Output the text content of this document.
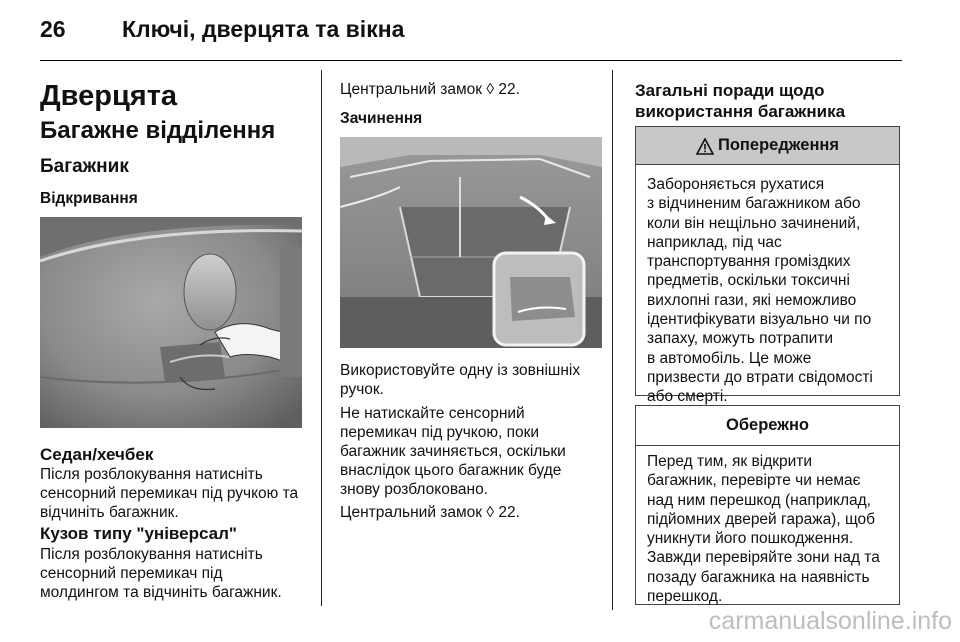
26 Ключі, дверцята та вікна
Дверцята
Багажне відділення
Багажник
Відкривання
Седан/хечбек
Після розблокування натисніть
сенсорний перемикач під ручкою та
відчиніть багажник.
Кузов типу "універсал"
Після розблокування натисніть
сенсорний перемикач під
молдингом та відчиніть багажник.
Центральний замок ◊ 22.
Зачинення
Використовуйте одну із зовнішніх
ручок.
Не натискайте сенсорний
перемикач під ручкою, поки
багажник зачиняється, оскільки
внаслідок цього багажник буде
знову розблоковано.
Центральний замок ◊ 22.
Загальні поради щодо
використання багажника
Попередження
Забороняється рухатися
з відчиненим багажником або
коли він нещільно зачинений,
наприклад, під час
транспортування громіздких
предметів, оскільки токсичні
вихлопні гази, які неможливо
ідентифікувати візуально чи по
запаху, можуть потрапити
в автомобіль. Це може
призвести до втрати свідомості
або смерті.
Обережно
Перед тим, як відкрити
багажник, перевірте чи немає
над ним перешкод (наприклад,
підйомних дверей гаража), щоб
уникнути його пошкодження.
Завжди перевіряйте зони над та
позаду багажника на наявність
перешкод.
carmanualsonline.info
